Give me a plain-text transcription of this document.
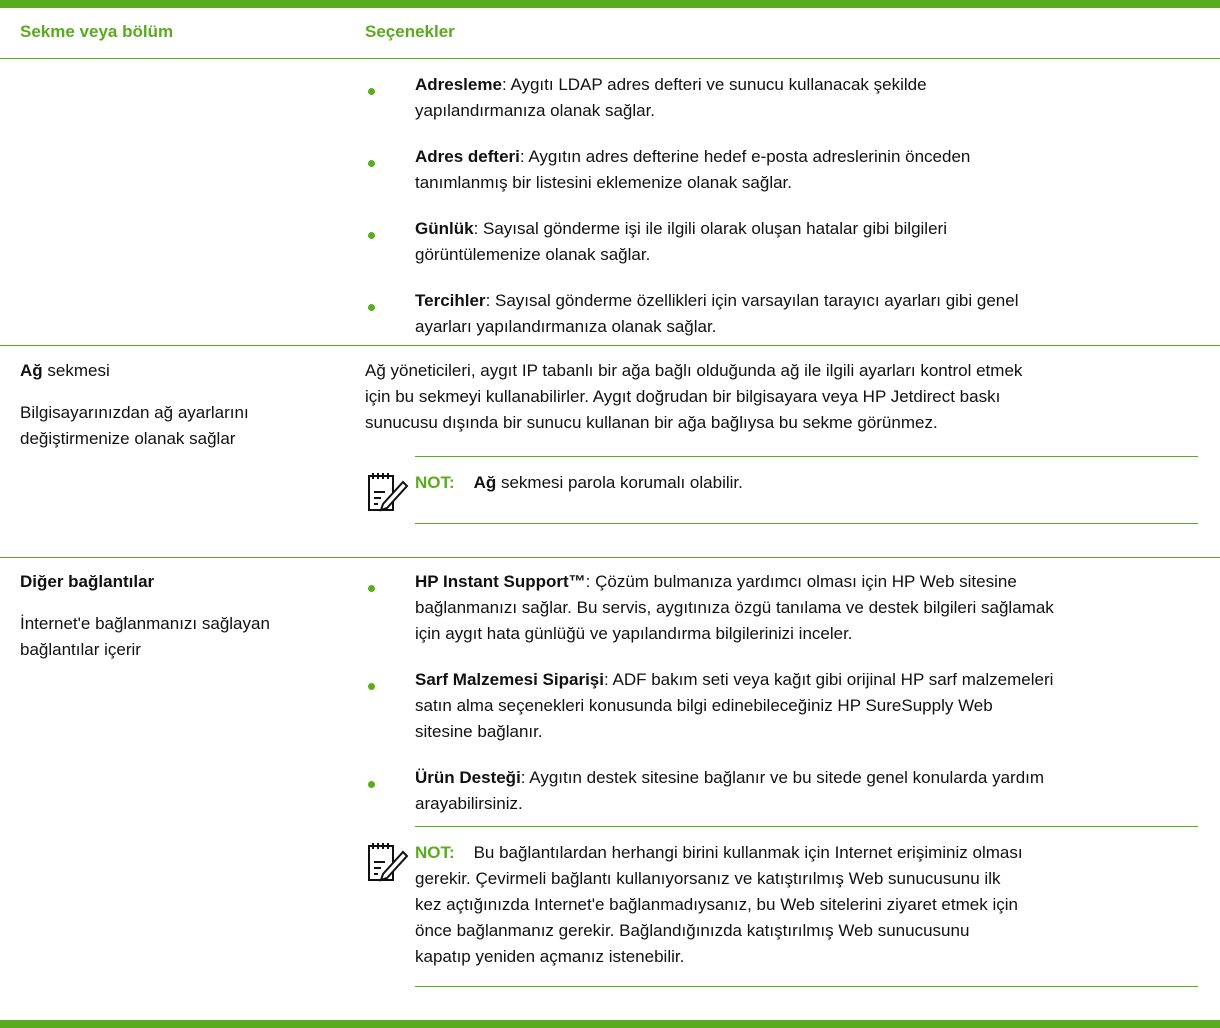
Sekme veya bölüm	Seçenekler
Adresleme: Aygıtı LDAP adres defteri ve sunucu kullanacak şekilde
yapılandırmanıza olanak sağlar.
Adres defteri: Aygıtın adres defterine hedef e-posta adreslerinin önceden
tanımlanmış bir listesini eklemenize olanak sağlar.
Günlük: Sayısal gönderme işi ile ilgili olarak oluşan hatalar gibi bilgileri
görüntülemenize olanak sağlar.
Tercihler: Sayısal gönderme özellikleri için varsayılan tarayıcı ayarları gibi genel
ayarları yapılandırmanıza olanak sağlar.
Ağ sekmesi
Bilgisayarınızdan ağ ayarlarını
değiştirmenize olanak sağlar
Ağ yöneticileri, aygıt IP tabanlı bir ağa bağlı olduğunda ağ ile ilgili ayarları kontrol etmek
için bu sekmeyi kullanabilirler. Aygıt doğrudan bir bilgisayara veya HP Jetdirect baskı
sunucusu dışında bir sunucu kullanan bir ağa bağlıysa bu sekme görünmez.
NOT: Ağ sekmesi parola korumalı olabilir.
Diğer bağlantılar
İnternet'e bağlanmanızı sağlayan
bağlantılar içerir
HP Instant Support™: Çözüm bulmanıza yardımcı olması için HP Web sitesine
bağlanmanızı sağlar. Bu servis, aygıtınıza özgü tanılama ve destek bilgileri sağlamak
için aygıt hata günlüğü ve yapılandırma bilgilerinizi inceler.
Sarf Malzemesi Siparişi: ADF bakım seti veya kağıt gibi orijinal HP sarf malzemeleri
satın alma seçenekleri konusunda bilgi edinebileceğiniz HP SureSupply Web
sitesine bağlanır.
Ürün Desteği: Aygıtın destek sitesine bağlanır ve bu sitede genel konularda yardım
arayabilirsiniz.
NOT: Bu bağlantılardan herhangi birini kullanmak için Internet erişiminiz olması
gerekir. Çevirmeli bağlantı kullanıyorsanız ve katıştırılmış Web sunucusunu ilk
kez açtığınızda Internet'e bağlanmadıysanız, bu Web sitelerini ziyaret etmek için
önce bağlanmanız gerekir. Bağlandığınızda katıştırılmış Web sunucusunu
kapatıp yeniden açmanız istenebilir.
